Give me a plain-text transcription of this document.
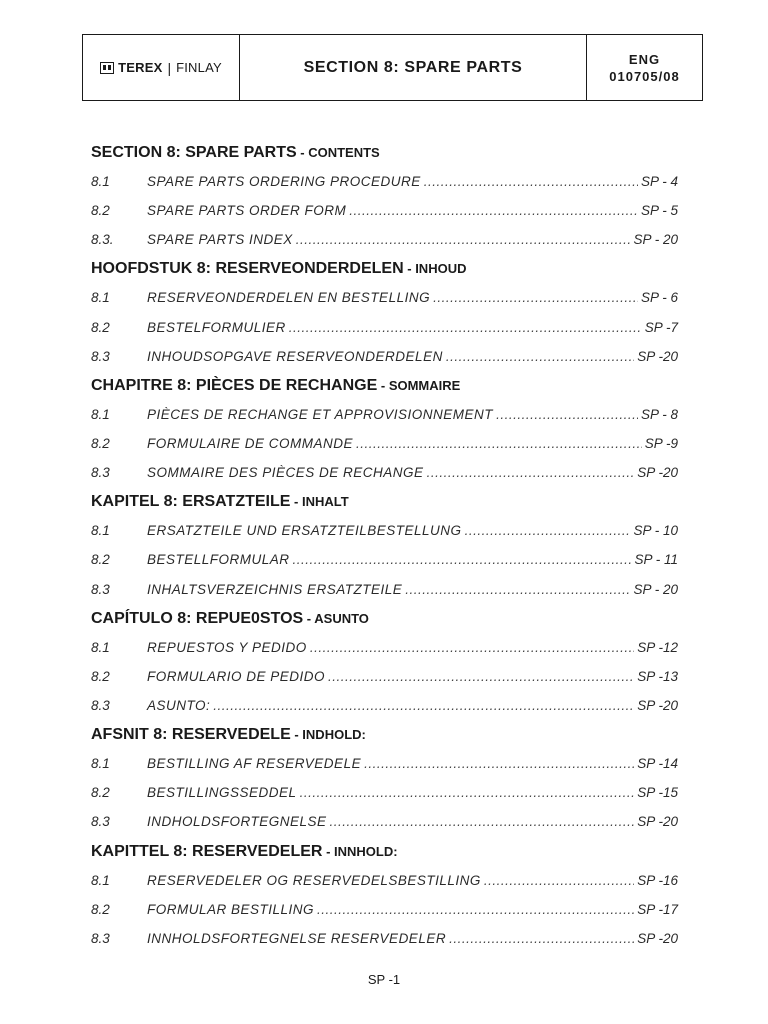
TEREX | FINLAY	SECTION 8: SPARE PARTS	ENG
010705/08
SECTION 8: SPARE PARTS - CONTENTS
8.1	SPARE PARTS ORDERING PROCEDURE .....	SP - 4
8.2	SPARE PARTS ORDER FORM .....	SP - 5
8.3.	SPARE PARTS INDEX .....	SP - 20
HOOFDSTUK 8: RESERVEONDERDELEN - INHOUD
8.1	RESERVEONDERDELEN EN BESTELLING .....	SP - 6
8.2	BESTELFORMULIER .....	SP -7
8.3	INHOUDSOPGAVE RESERVEONDERDELEN .....	SP -20
CHAPITRE 8: PIÈCES DE RECHANGE - SOMMAIRE
8.1	PIÈCES DE RECHANGE ET APPROVISIONNEMENT .....	SP - 8
8.2	FORMULAIRE DE COMMANDE .....	SP -9
8.3	SOMMAIRE DES PIÈCES DE RECHANGE .....	SP -20
KAPITEL 8: ERSATZTEILE - INHALT
8.1	ERSATZTEILE UND ERSATZTEILBESTELLUNG .....	SP - 10
8.2	BESTELLFORMULAR .....	SP - 11
8.3	INHALTSVERZEICHNIS ERSATZTEILE .....	SP - 20
CAPÍTULO 8: REPUE0STOS - ASUNTO
8.1	REPUESTOS Y PEDIDO .....	SP -12
8.2	FORMULARIO DE PEDIDO .....	SP -13
8.3	ASUNTO: .....	SP -20
AFSNIT 8: RESERVEDELE - INDHOLD:
8.1	BESTILLING AF RESERVEDELE .....	SP -14
8.2	BESTILLINGSSEDDEL .....	SP -15
8.3	INDHOLDSFORTEGNELSE .....	SP -20
KAPITTEL 8: RESERVEDELER - INNHOLD:
8.1	RESERVEDELER OG RESERVEDELSBESTILLING .....	SP -16
8.2	FORMULAR BESTILLING .....	SP -17
8.3	INNHOLDSFORTEGNELSE RESERVEDELER .....	SP -20
SP -1
